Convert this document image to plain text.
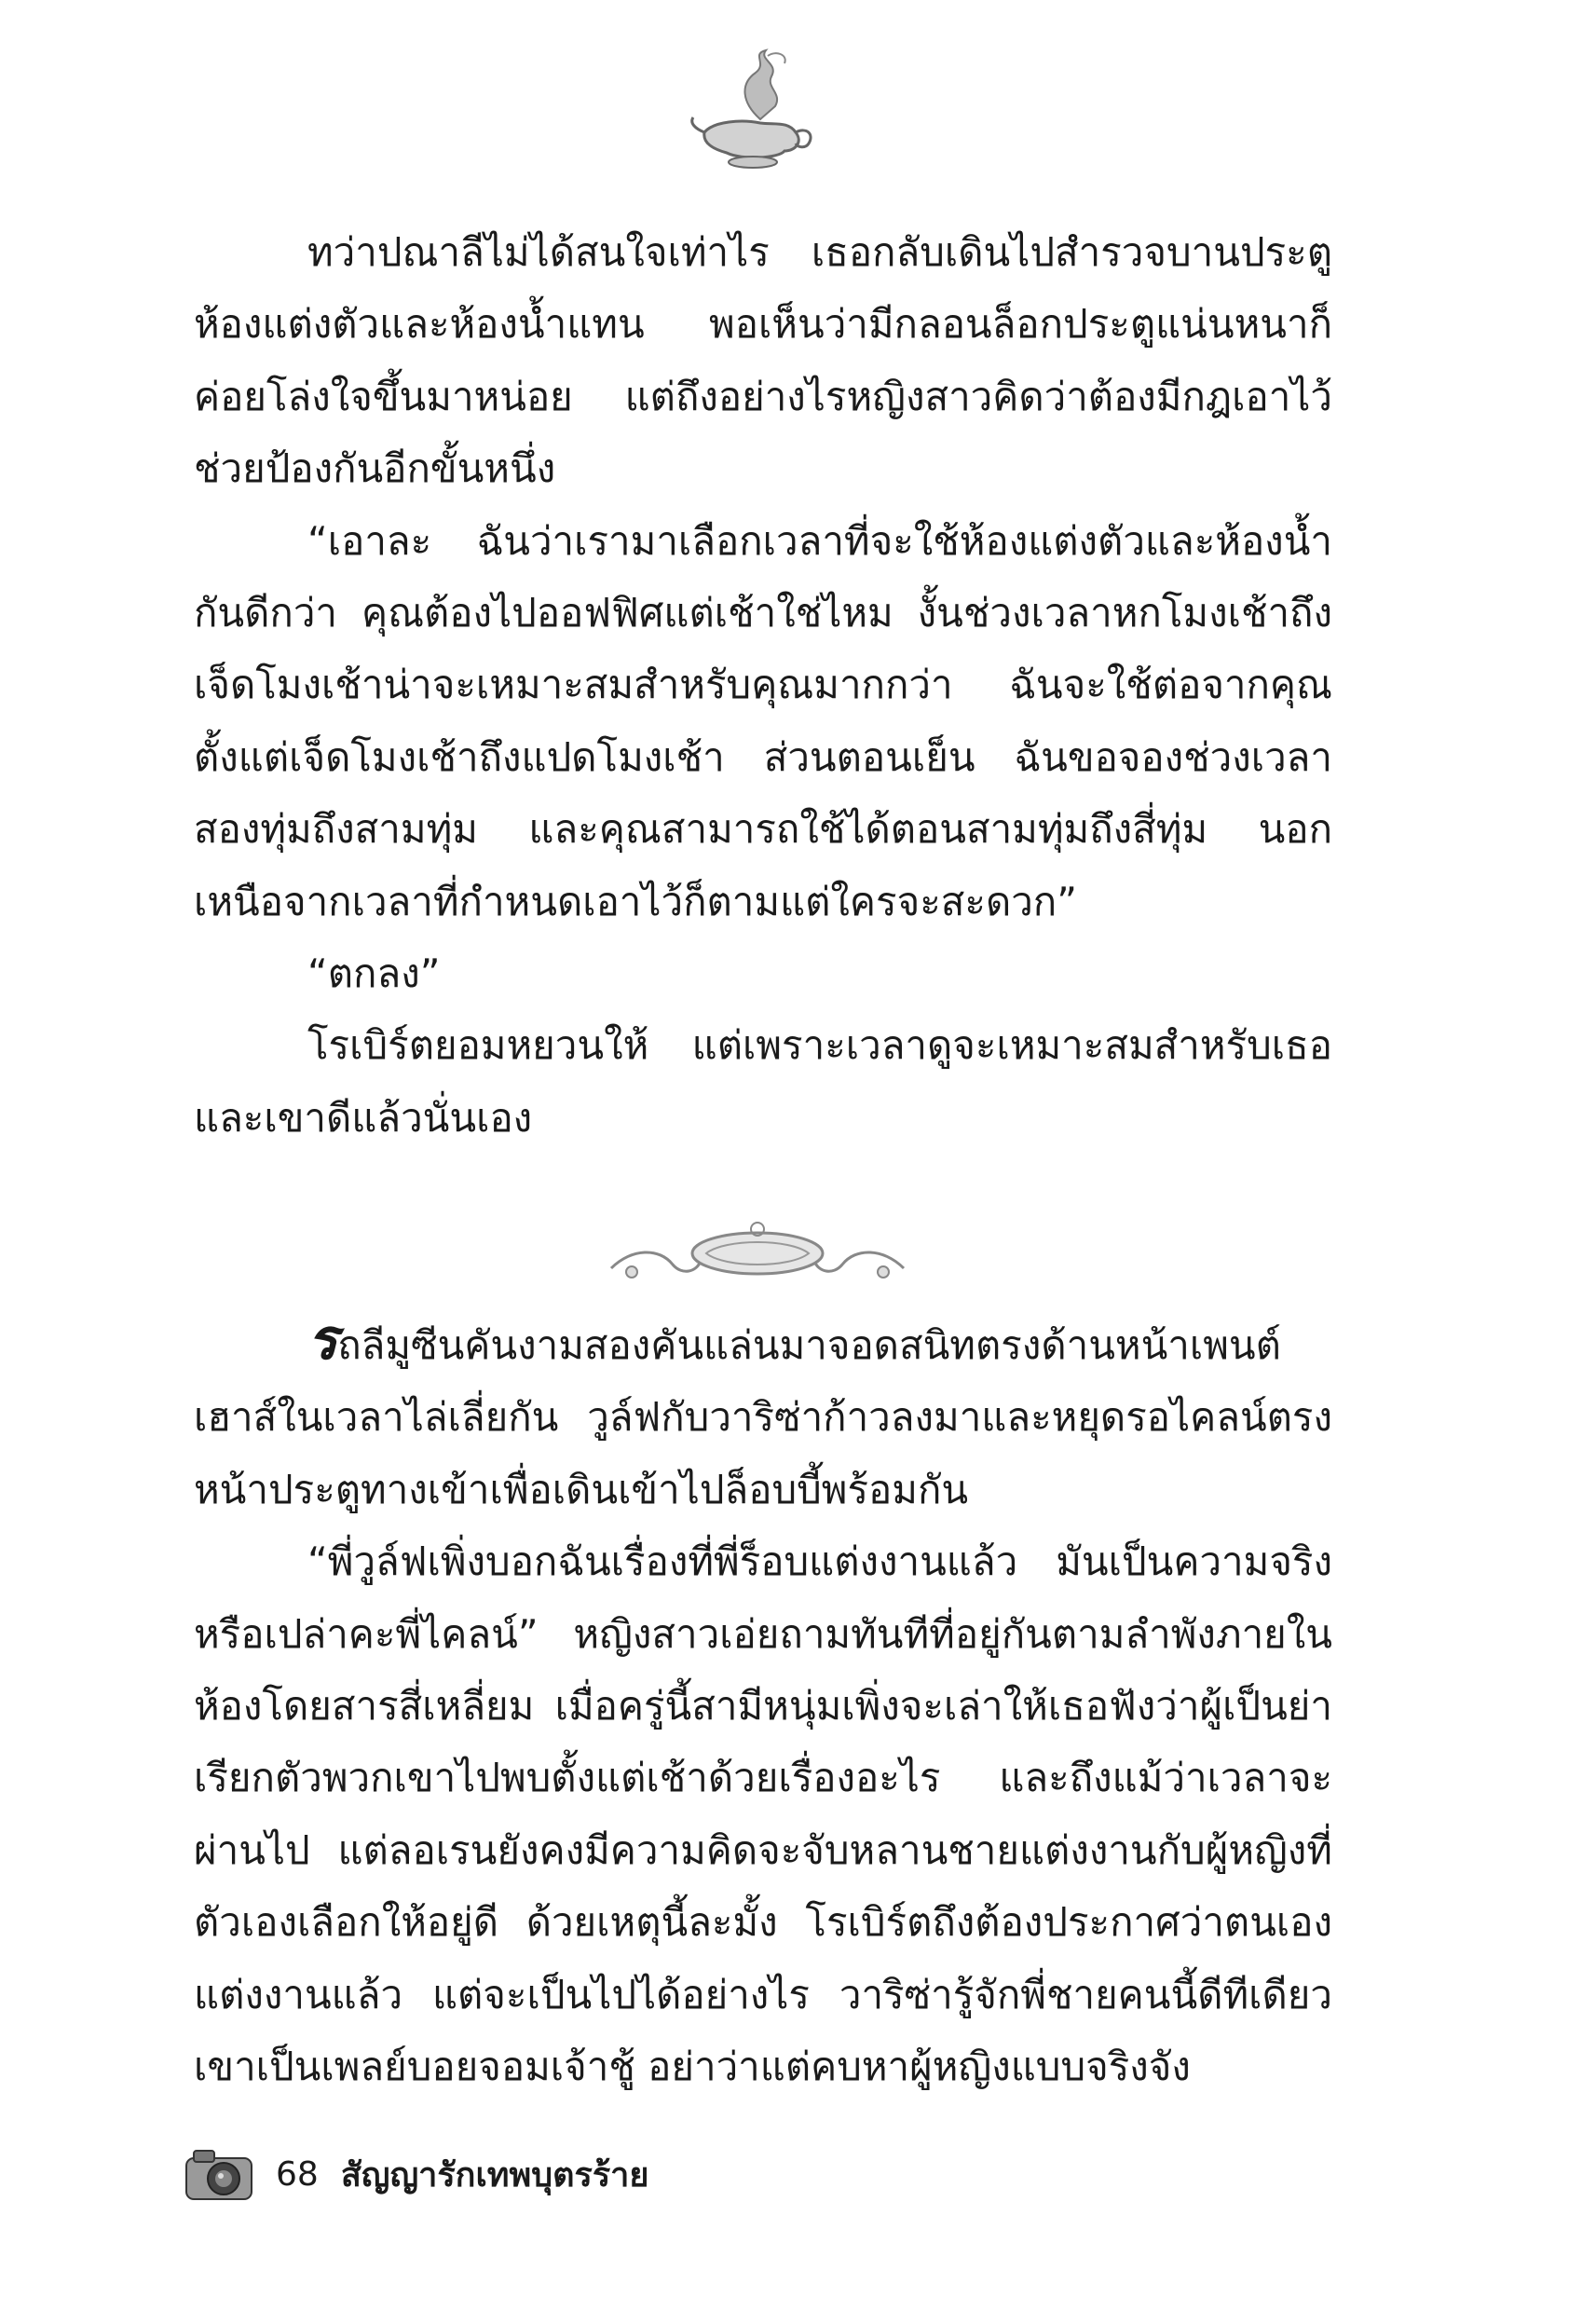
ทว่าปณาลีไม่ได้สนใจเท่าไร เธอกลับเดินไปสำรวจบานประตูห้องแต่งตัวและห้องน้ำแทน พอเห็นว่ามีกลอนล็อกประตูแน่นหนาก็ค่อยโล่งใจขึ้นมาหน่อย แต่ถึงอย่างไรหญิงสาวคิดว่าต้องมีกฎเอาไว้ช่วยป้องกันอีกขั้นหนึ่ง

“เอาละ ฉันว่าเรามาเลือกเวลาที่จะใช้ห้องแต่งตัวและห้องน้ำกันดีกว่า คุณต้องไปออฟฟิศแต่เช้าใช่ไหม งั้นช่วงเวลาหกโมงเช้าถึงเจ็ดโมงเช้าน่าจะเหมาะสมสำหรับคุณมากกว่า ฉันจะใช้ต่อจากคุณตั้งแต่เจ็ดโมงเช้าถึงแปดโมงเช้า ส่วนตอนเย็น ฉันขอจองช่วงเวลาสองทุ่มถึงสามทุ่ม และคุณสามารถใช้ได้ตอนสามทุ่มถึงสี่ทุ่ม นอกเหนือจากเวลาที่กำหนดเอาไว้ก็ตามแต่ใครจะสะดวก”

“ตกลง”

โรเบิร์ตยอมหยวนให้ แต่เพราะเวลาดูจะเหมาะสมสำหรับเธอและเขาดีแล้วนั่นเอง

รถลีมูซีนคันงามสองคันแล่นมาจอดสนิทตรงด้านหน้าเพนต์เฮาส์ในเวลาไล่เลี่ยกัน วูล์ฟกับวาริซ่าก้าวลงมาและหยุดรอไคลน์ตรงหน้าประตูทางเข้าเพื่อเดินเข้าไปล็อบบี้พร้อมกัน

“พี่วูล์ฟเพิ่งบอกฉันเรื่องที่พี่ร็อบแต่งงานแล้ว มันเป็นความจริงหรือเปล่าคะพี่ไคลน์” หญิงสาวเอ่ยถามทันทีที่อยู่กันตามลำพังภายในห้องโดยสารสี่เหลี่ยม เมื่อครู่นี้สามีหนุ่มเพิ่งจะเล่าให้เธอฟังว่าผู้เป็นย่าเรียกตัวพวกเขาไปพบตั้งแต่เช้าด้วยเรื่องอะไร และถึงแม้ว่าเวลาจะผ่านไป แต่ลอเรนยังคงมีความคิดจะจับหลานชายแต่งงานกับผู้หญิงที่ตัวเองเลือกให้อยู่ดี ด้วยเหตุนี้ละมั้ง โรเบิร์ตถึงต้องประกาศว่าตนเองแต่งงานแล้ว แต่จะเป็นไปได้อย่างไร วาริซ่ารู้จักพี่ชายคนนี้ดีทีเดียว เขาเป็นเพลย์บอยจอมเจ้าชู้ อย่าว่าแต่คบหาผู้หญิงแบบจริงจัง

68 สัญญารักเทพบุตรร้าย
